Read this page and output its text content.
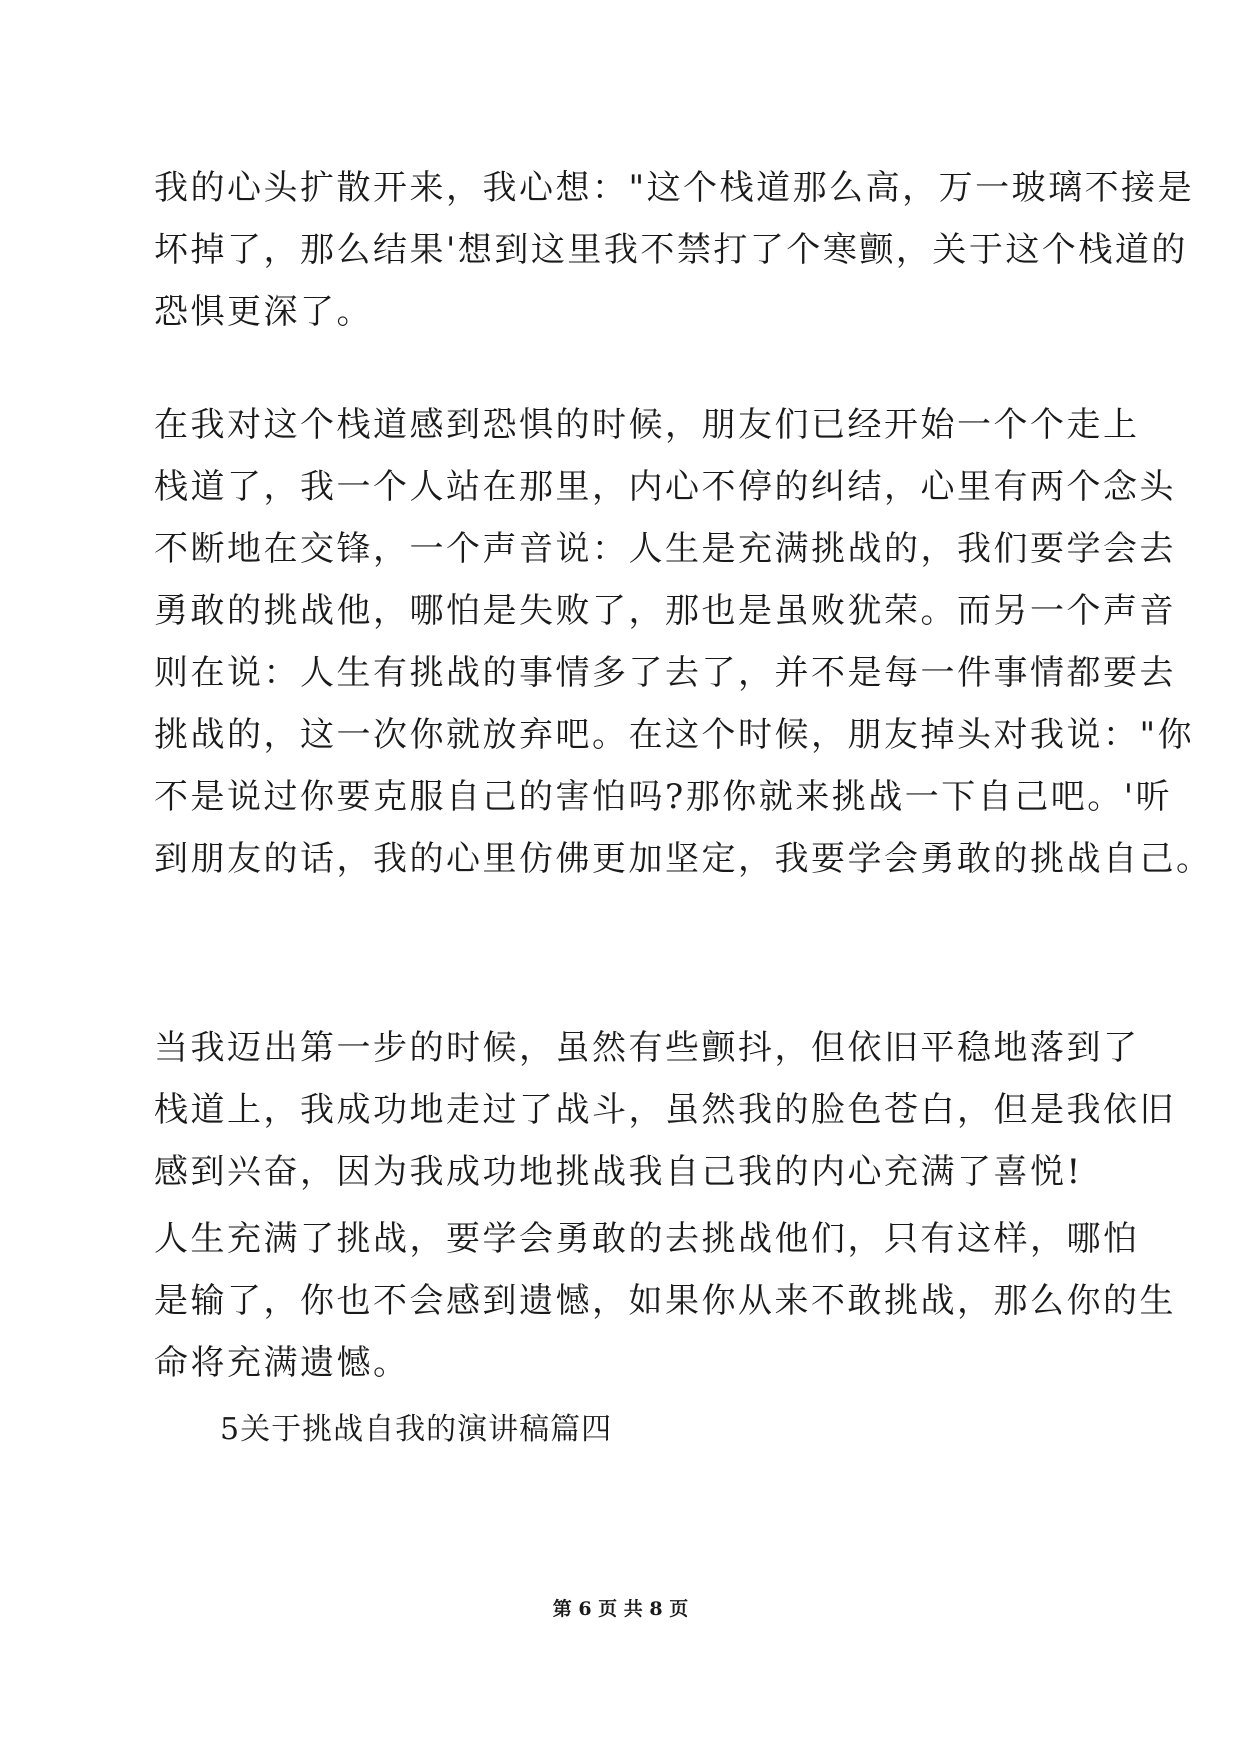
我的心头扩散开来，我心想："这个栈道那么高，万一玻璃不接是
坏掉了，那么结果'想到这里我不禁打了个寒颤，关于这个栈道的
恐惧更深了。
在我对这个栈道感到恐惧的时候，朋友们已经开始一个个走上
栈道了，我一个人站在那里，内心不停的纠结，心里有两个念头
不断地在交锋，一个声音说：人生是充满挑战的，我们要学会去
勇敢的挑战他，哪怕是失败了，那也是虽败犹荣。而另一个声音
则在说：人生有挑战的事情多了去了，并不是每一件事情都要去
挑战的，这一次你就放弃吧。在这个时候，朋友掉头对我说："你
不是说过你要克服自己的害怕吗?那你就来挑战一下自己吧。'听
到朋友的话，我的心里仿佛更加坚定，我要学会勇敢的挑战自己。
当我迈出第一步的时候，虽然有些颤抖，但依旧平稳地落到了
栈道上，我成功地走过了战斗，虽然我的脸色苍白，但是我依旧
感到兴奋，因为我成功地挑战我自己我的内心充满了喜悦!
人生充满了挑战，要学会勇敢的去挑战他们，只有这样，哪怕
是输了，你也不会感到遗憾，如果你从来不敢挑战，那么你的生
命将充满遗憾。
5关于挑战自我的演讲稿篇四
第 6 页 共 8 页
